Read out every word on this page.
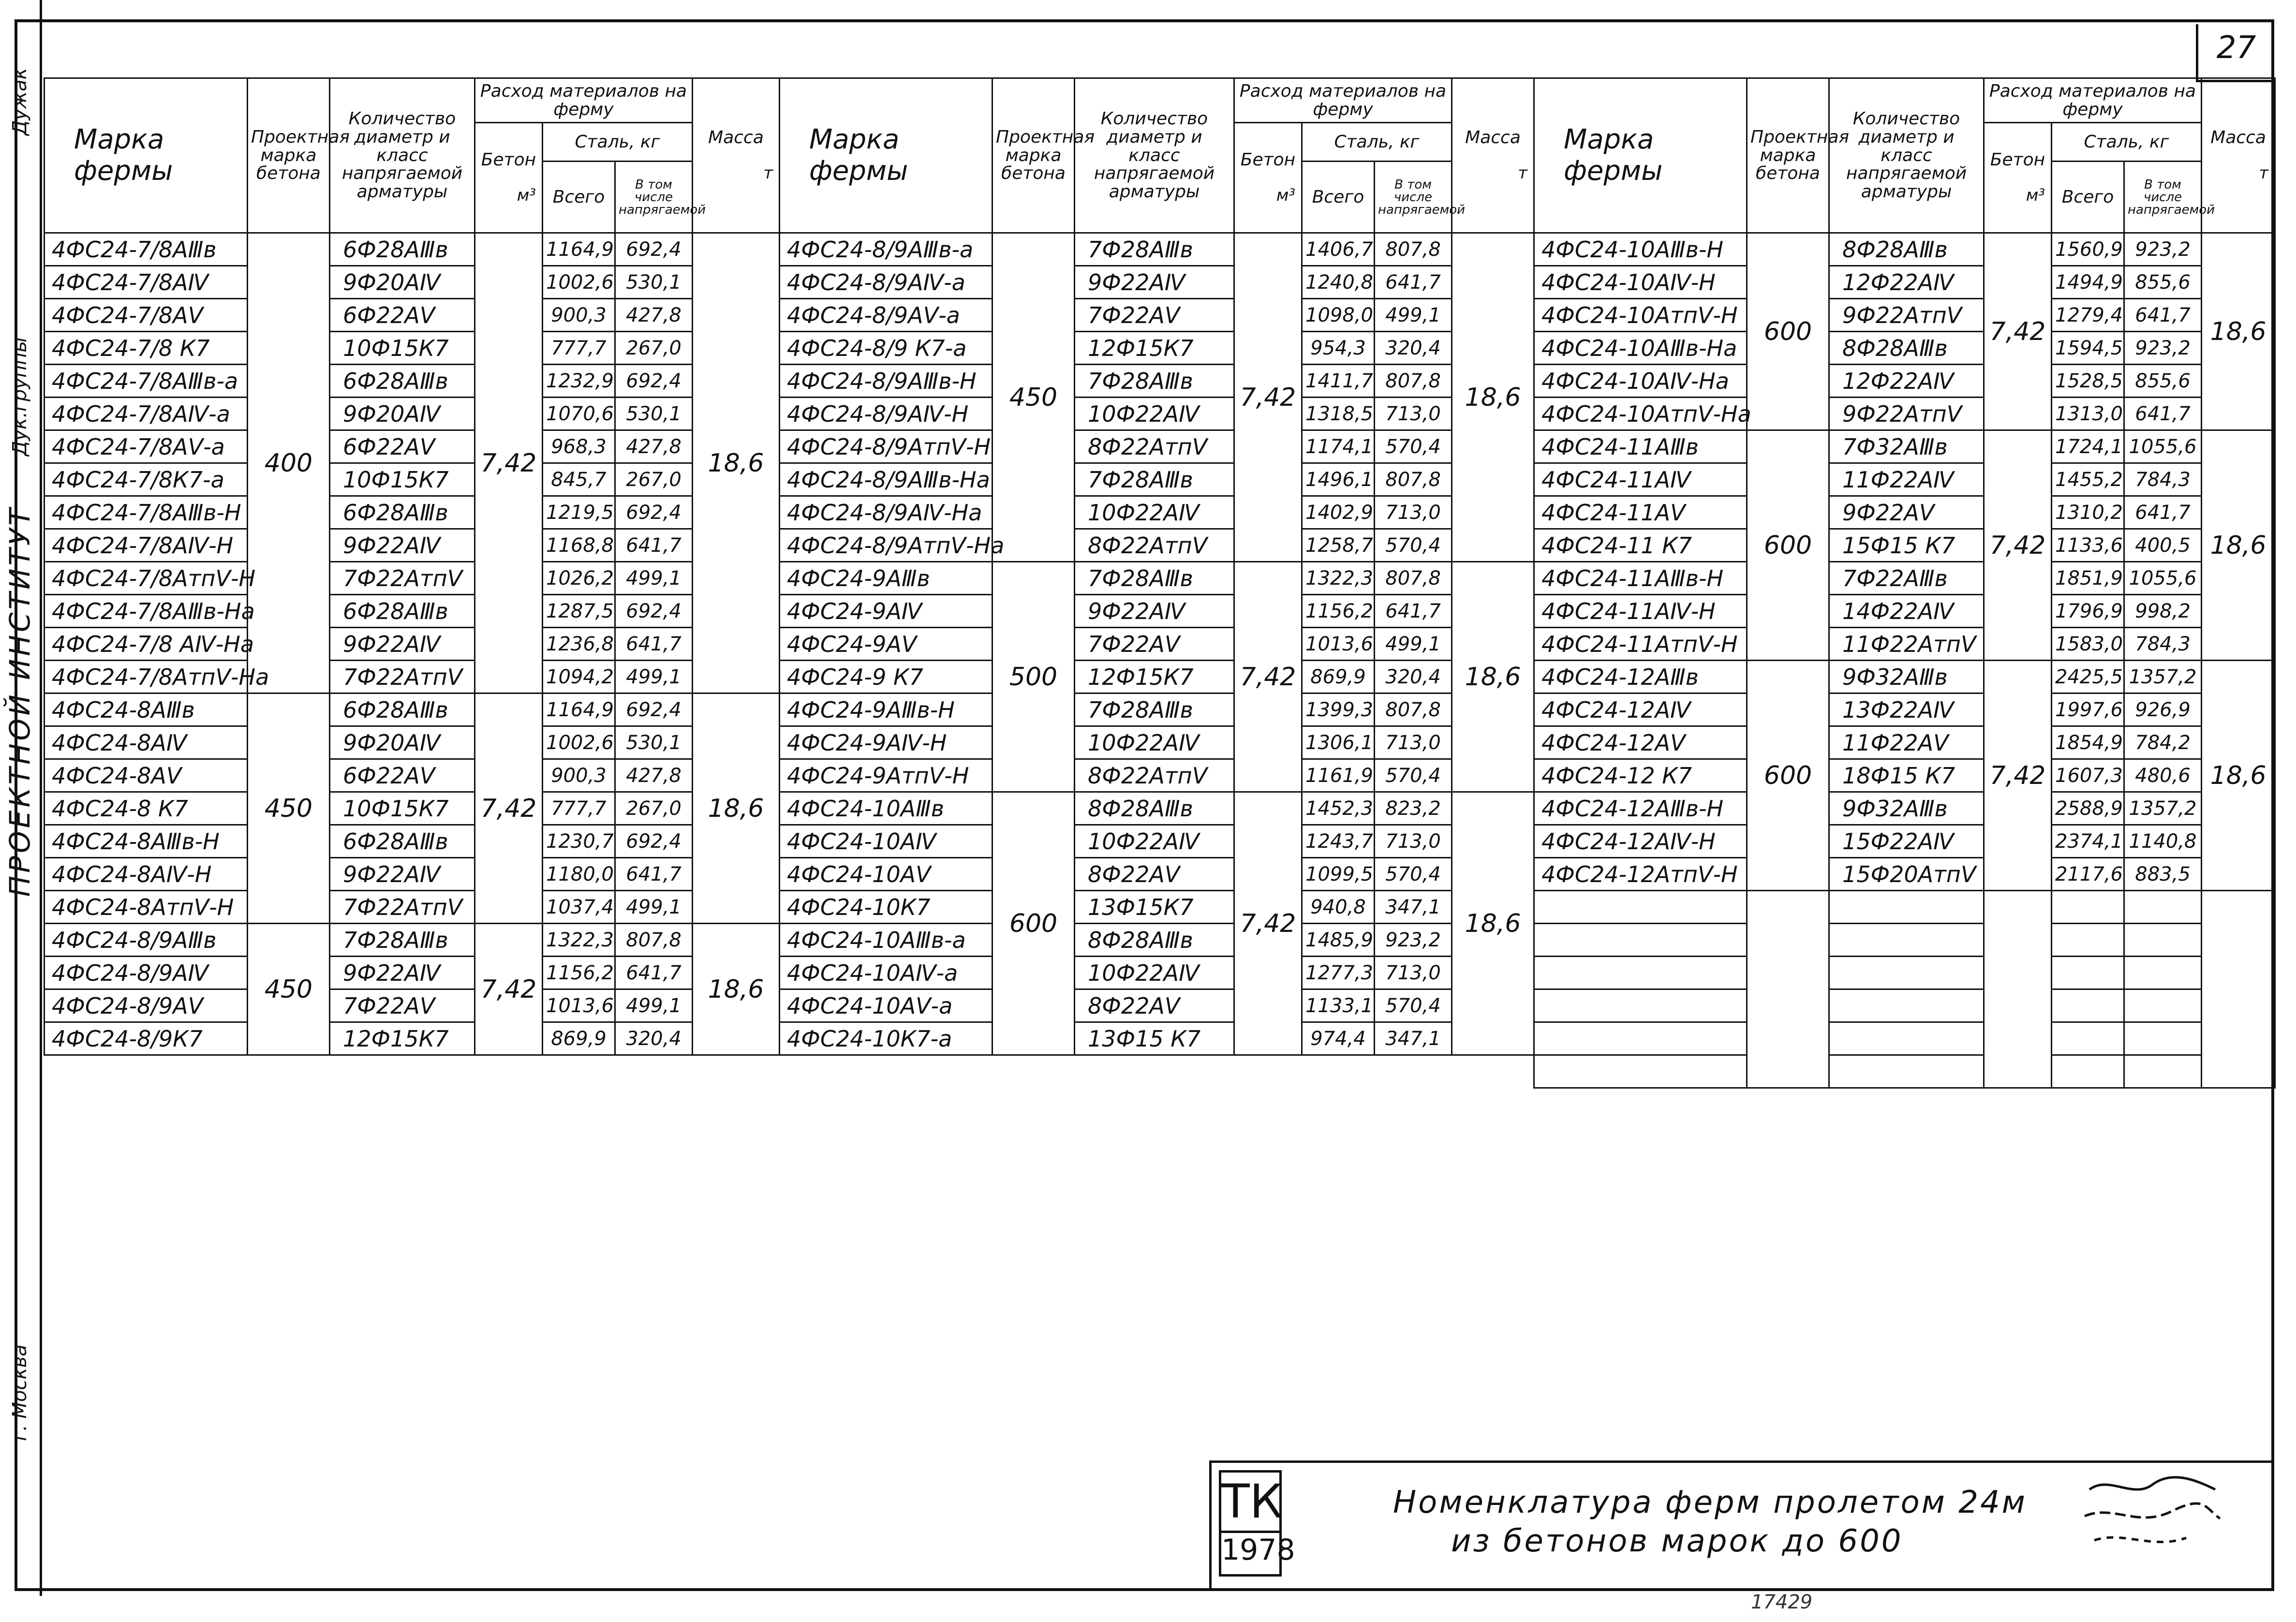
Дужак
Дук.группы
ПРОЕКТНОЙ ИНСТИТУТ
г. Москва
27
Марка фермы	Проектная марка бетона	Количество диаметр и класс напрягаемой арматуры	Расход материалов на ферму			Масса

т

			Бетон

м³	Сталь, кг		
				Всего	В том числе напрягаемой	
4ФС24-7/8АⅢв	400	6Ф28АⅢв	7,42	1164,9	692,4	18,6
4ФС24-7/8АⅣ		9Ф20АⅣ		1002,6	530,1	
4ФС24-7/8АⅤ		6Ф22АⅤ		900,3	427,8	
4ФС24-7/8 К7		10Ф15К7		777,7	267,0	
4ФС24-7/8АⅢв-а		6Ф28АⅢв		1232,9	692,4	
4ФС24-7/8АⅣ-а		9Ф20АⅣ		1070,6	530,1	
4ФС24-7/8АⅤ-а		6Ф22АⅤ		968,3	427,8	
4ФС24-7/8К7-а		10Ф15К7		845,7	267,0	
4ФС24-7/8АⅢв-Н		6Ф28АⅢв		1219,5	692,4	
4ФС24-7/8АⅣ-Н		9Ф22АⅣ		1168,8	641,7	
4ФС24-7/8АтпⅤ-Н		7Ф22АтпⅤ		1026,2	499,1	
4ФС24-7/8АⅢв-На		6Ф28АⅢв		1287,5	692,4	
4ФС24-7/8 АⅣ-На		9Ф22АⅣ		1236,8	641,7	
4ФС24-7/8АтпⅤ-На		7Ф22АтпⅤ		1094,2	499,1	
4ФС24-8АⅢв	450	6Ф28АⅢв	7,42	1164,9	692,4	18,6
4ФС24-8АⅣ		9Ф20АⅣ		1002,6	530,1	
4ФС24-8АⅤ		6Ф22АⅤ		900,3	427,8	
4ФС24-8 К7		10Ф15К7		777,7	267,0	
4ФС24-8АⅢв-Н		6Ф28АⅢв		1230,7	692,4	
4ФС24-8АⅣ-Н		9Ф22АⅣ		1180,0	641,7	
4ФС24-8АтпⅤ-Н		7Ф22АтпⅤ		1037,4	499,1	
4ФС24-8/9АⅢв	450	7Ф28АⅢв	7,42	1322,3	807,8	18,6
4ФС24-8/9АⅣ		9Ф22АⅣ		1156,2	641,7	
4ФС24-8/9АⅤ		7Ф22АⅤ		1013,6	499,1	
4ФС24-8/9К7		12Ф15К7		869,9	320,4	
Марка фермы	Проектная марка бетона	Количество диаметр и класс напрягаемой арматуры	Расход материалов на ферму			Масса

т

			Бетон

м³	Сталь, кг		
				Всего	В том числе напрягаемой	
4ФС24-8/9АⅢв-а	450	7Ф28АⅢв	7,42	1406,7	807,8	18,6
4ФС24-8/9АⅣ-а		9Ф22АⅣ		1240,8	641,7	
4ФС24-8/9АⅤ-а		7Ф22АⅤ		1098,0	499,1	
4ФС24-8/9 К7-а		12Ф15К7		954,3	320,4	
4ФС24-8/9АⅢв-Н		7Ф28АⅢв		1411,7	807,8	
4ФС24-8/9АⅣ-Н		10Ф22АⅣ		1318,5	713,0	
4ФС24-8/9АтпⅤ-Н		8Ф22АтпⅤ		1174,1	570,4	
4ФС24-8/9АⅢв-На		7Ф28АⅢв		1496,1	807,8	
4ФС24-8/9АⅣ-На		10Ф22АⅣ		1402,9	713,0	
4ФС24-8/9АтпⅤ-На		8Ф22АтпⅤ		1258,7	570,4	
4ФС24-9АⅢв	500	7Ф28АⅢв	7,42	1322,3	807,8	18,6
4ФС24-9АⅣ		9Ф22АⅣ		1156,2	641,7	
4ФС24-9АⅤ		7Ф22АⅤ		1013,6	499,1	
4ФС24-9 К7		12Ф15К7		869,9	320,4	
4ФС24-9АⅢв-Н		7Ф28АⅢв		1399,3	807,8	
4ФС24-9АⅣ-Н		10Ф22АⅣ		1306,1	713,0	
4ФС24-9АтпⅤ-Н		8Ф22АтпⅤ		1161,9	570,4	
4ФС24-10АⅢв	600	8Ф28АⅢв	7,42	1452,3	823,2	18,6
4ФС24-10АⅣ		10Ф22АⅣ		1243,7	713,0	
4ФС24-10АⅤ		8Ф22АⅤ		1099,5	570,4	
4ФС24-10К7		13Ф15К7		940,8	347,1	
4ФС24-10АⅢв-а		8Ф28АⅢв		1485,9	923,2	
4ФС24-10АⅣ-а		10Ф22АⅣ		1277,3	713,0	
4ФС24-10АⅤ-а		8Ф22АⅤ		1133,1	570,4	
4ФС24-10К7-а		13Ф15 К7		974,4	347,1	
Марка фермы	Проектная марка бетона	Количество диаметр и класс напрягаемой арматуры	Расход материалов на ферму			Масса

т

			Бетон

м³	Сталь, кг		
				Всего	В том числе напрягаемой	
4ФС24-10АⅢв-Н	600	8Ф28АⅢв	7,42	1560,9	923,2	18,6
4ФС24-10АⅣ-Н		12Ф22АⅣ		1494,9	855,6	
4ФС24-10АтпⅤ-Н		9Ф22АтпⅤ		1279,4	641,7	
4ФС24-10АⅢв-На		8Ф28АⅢв		1594,5	923,2	
4ФС24-10АⅣ-На		12Ф22АⅣ		1528,5	855,6	
4ФС24-10АтпⅤ-На		9Ф22АтпⅤ		1313,0	641,7	
4ФС24-11АⅢв	600	7Ф32АⅢв	7,42	1724,1	1055,6	18,6
4ФС24-11АⅣ		11Ф22АⅣ		1455,2	784,3	
4ФС24-11АⅤ		9Ф22АⅤ		1310,2	641,7	
4ФС24-11 К7		15Ф15 К7		1133,6	400,5	
4ФС24-11АⅢв-Н		7Ф22АⅢв		1851,9	1055,6	
4ФС24-11АⅣ-Н		14Ф22АⅣ		1796,9	998,2	
4ФС24-11АтпⅤ-Н		11Ф22АтпⅤ		1583,0	784,3	
4ФС24-12АⅢв	600	9Ф32АⅢв	7,42	2425,5	1357,2	18,6
4ФС24-12АⅣ		13Ф22АⅣ		1997,6	926,9	
4ФС24-12АⅤ		11Ф22АⅤ		1854,9	784,2	
4ФС24-12 К7		18Ф15 К7		1607,3	480,6	
4ФС24-12АⅢв-Н		9Ф32АⅢв		2588,9	1357,2	
4ФС24-12АⅣ-Н		15Ф22АⅣ		2374,1	1140,8	
4ФС24-12АтпⅤ-Н		15Ф20АтпⅤ		2117,6	883,5	

ТК
1978
Номенклатура ферм пролетом 24м
из бетонов марок до 600
17429
